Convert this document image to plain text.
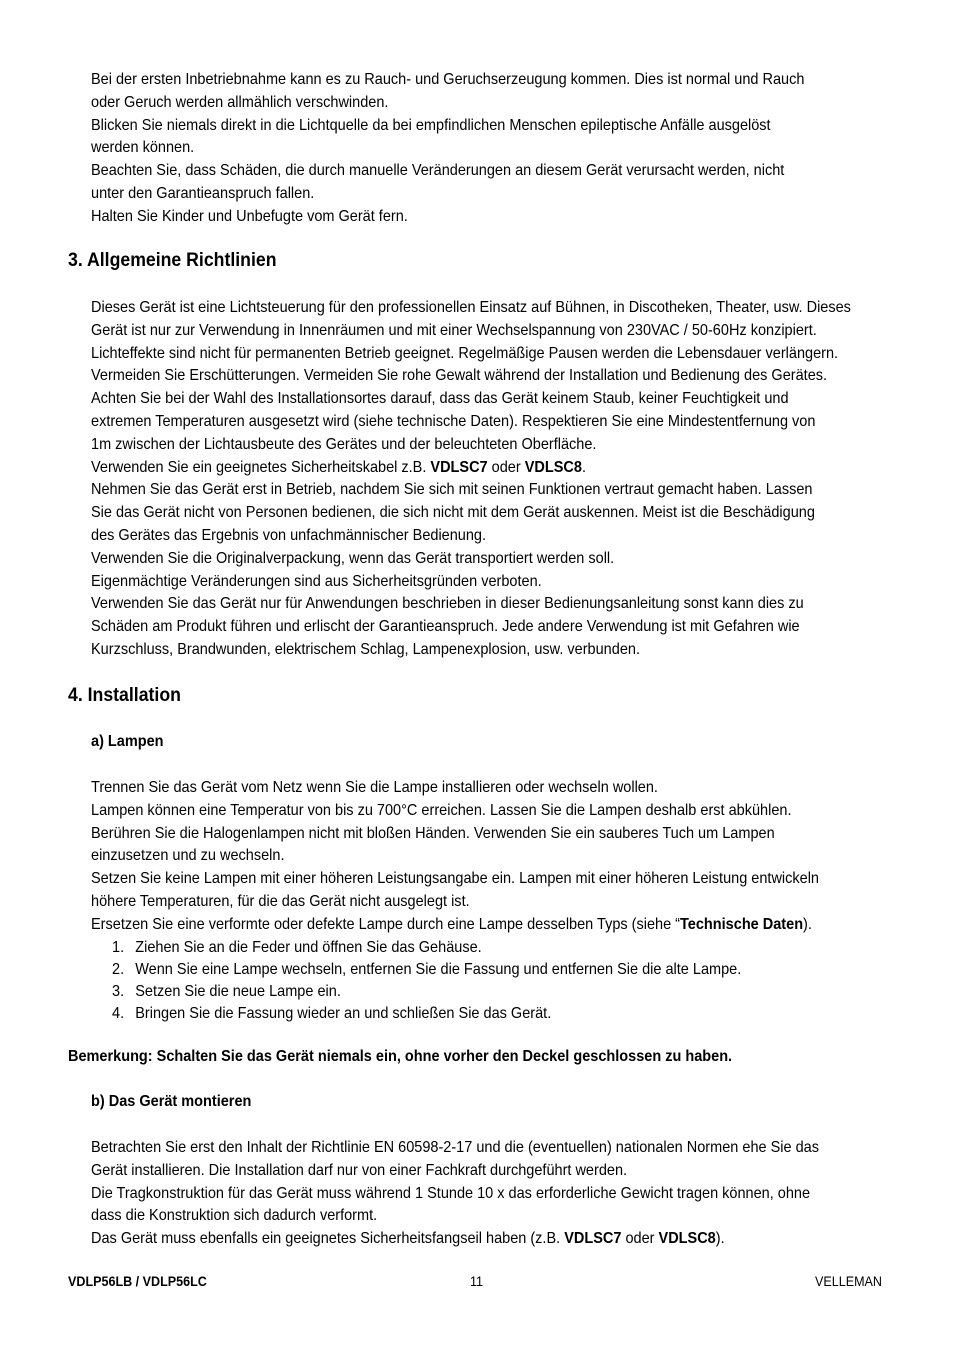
Bei der ersten Inbetriebnahme kann es zu Rauch- und Geruchserzeugung kommen. Dies ist normal und Rauch
oder Geruch werden allmählich verschwinden.
Blicken Sie niemals direkt in die Lichtquelle da bei empfindlichen Menschen epileptische Anfälle ausgelöst
werden können.
Beachten Sie, dass Schäden, die durch manuelle Veränderungen an diesem Gerät verursacht werden, nicht
unter den Garantieanspruch fallen.
Halten Sie Kinder und Unbefugte vom Gerät fern.
3. Allgemeine Richtlinien
Dieses Gerät ist eine Lichtsteuerung für den professionellen Einsatz auf Bühnen, in Discotheken, Theater, usw. Dieses
Gerät ist nur zur Verwendung in Innenräumen und mit einer Wechselspannung von 230VAC / 50-60Hz konzipiert.
Lichteffekte sind nicht für permanenten Betrieb geeignet. Regelmäßige Pausen werden die Lebensdauer verlängern.
Vermeiden Sie Erschütterungen. Vermeiden Sie rohe Gewalt während der Installation und Bedienung des Gerätes.
Achten Sie bei der Wahl des Installationsortes darauf, dass das Gerät keinem Staub, keiner Feuchtigkeit und
extremen Temperaturen ausgesetzt wird (siehe technische Daten). Respektieren Sie eine Mindestentfernung von
1m zwischen der Lichtausbeute des Gerätes und der beleuchteten Oberfläche.
Verwenden Sie ein geeignetes Sicherheitskabel z.B. VDLSC7 oder VDLSC8.
Nehmen Sie das Gerät erst in Betrieb, nachdem Sie sich mit seinen Funktionen vertraut gemacht haben. Lassen
Sie das Gerät nicht von Personen bedienen, die sich nicht mit dem Gerät auskennen. Meist ist die Beschädigung
des Gerätes das Ergebnis von unfachmännischer Bedienung.
Verwenden Sie die Originalverpackung, wenn das Gerät transportiert werden soll.
Eigenmächtige Veränderungen sind aus Sicherheitsgründen verboten.
Verwenden Sie das Gerät nur für Anwendungen beschrieben in dieser Bedienungsanleitung sonst kann dies zu
Schäden am Produkt führen und erlischt der Garantieanspruch. Jede andere Verwendung ist mit Gefahren wie
Kurzschluss, Brandwunden, elektrischem Schlag, Lampenexplosion, usw. verbunden.
4. Installation
a) Lampen
Trennen Sie das Gerät vom Netz wenn Sie die Lampe installieren oder wechseln wollen.
Lampen können eine Temperatur von bis zu 700°C erreichen. Lassen Sie die Lampen deshalb erst abkühlen.
Berühren Sie die Halogenlampen nicht mit bloßen Händen. Verwenden Sie ein sauberes Tuch um Lampen
einzusetzen und zu wechseln.
Setzen Sie keine Lampen mit einer höheren Leistungsangabe ein. Lampen mit einer höheren Leistung entwickeln
höhere Temperaturen, für die das Gerät nicht ausgelegt ist.
Ersetzen Sie eine verformte oder defekte Lampe durch eine Lampe desselben Typs (siehe “Technische Daten).
1. Ziehen Sie an die Feder und öffnen Sie das Gehäuse.
2. Wenn Sie eine Lampe wechseln, entfernen Sie die Fassung und entfernen Sie die alte Lampe.
3. Setzen Sie die neue Lampe ein.
4. Bringen Sie die Fassung wieder an und schließen Sie das Gerät.
Bemerkung: Schalten Sie das Gerät niemals ein, ohne vorher den Deckel geschlossen zu haben.
b) Das Gerät montieren
Betrachten Sie erst den Inhalt der Richtlinie EN 60598-2-17 und die (eventuellen) nationalen Normen ehe Sie das
Gerät installieren. Die Installation darf nur von einer Fachkraft durchgeführt werden.
Die Tragkonstruktion für das Gerät muss während 1 Stunde 10 x das erforderliche Gewicht tragen können, ohne
dass die Konstruktion sich dadurch verformt.
Das Gerät muss ebenfalls ein geeignetes Sicherheitsfangseil haben (z.B. VDLSC7 oder VDLSC8).
VDLP56LB / VDLP56LC	11	VELLEMAN
